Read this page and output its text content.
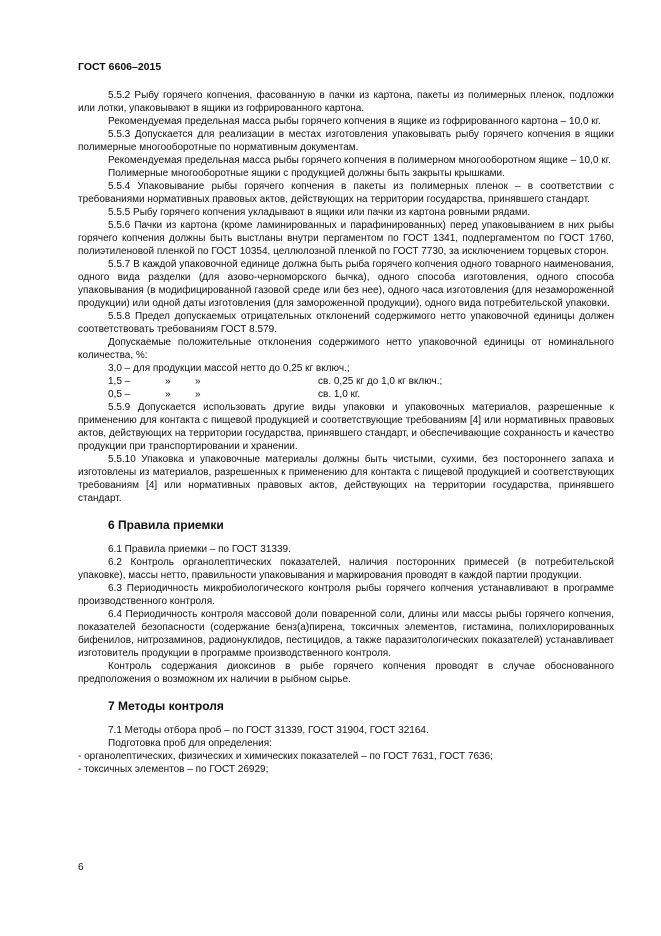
ГОСТ 6606–2015

5.5.2 Рыбу горячего копчения, фасованную в пачки из картона, пакеты из полимерных пленок, подложки или лотки, упаковывают в ящики из гофрированного картона.

Рекомендуемая предельная масса рыбы горячего копчения в ящике из гофрированного картона – 10,0 кг.

5.5.3 Допускается для реализации в местах изготовления упаковывать рыбу горячего копчения в ящики полимерные многооборотные по нормативным документам.

Рекомендуемая предельная масса рыбы горячего копчения в полимерном многооборотном ящике – 10,0 кг.

Полимерные многооборотные ящики с продукцией должны быть закрыты крышками.

5.5.4 Упаковывание рыбы горячего копчения в пакеты из полимерных пленок – в соответствии с требованиями нормативных правовых актов, действующих на территории государства, принявшего стандарт.

5.5.5 Рыбу горячего копчения укладывают в ящики или пачки из картона ровными рядами.

5.5.6 Пачки из картона (кроме ламинированных и парафинированных) перед упаковыванием в них рыбы горячего копчения должны быть выстланы внутри пергаментом по ГОСТ 1341, подпергаментом по ГОСТ 1760, полиэтиленовой пленкой по ГОСТ 10354, целлюлозной пленкой по ГОСТ 7730, за исключением торцевых сторон.

5.5.7 В каждой упаковочной единице должна быть рыба горячего копчения одного товарного наименования, одного вида разделки (для азово-черноморского бычка), одного способа изготовления, одного способа упаковывания (в модифицированной газовой среде или без нее), одного часа изготовления (для незамороженной продукции) или одной даты изготовления (для замороженной продукции), одного вида потребительской упаковки.

5.5.8 Предел допускаемых отрицательных отклонений содержимого нетто упаковочной единицы должен соответствовать требованиям ГОСТ 8.579.

Допускаемые положительные отклонения содержимого нетто упаковочной единицы от номинального количества, %:

3,0 – для продукции массой нетто до 0,25 кг включ.;
1,5 –	»	»	св. 0,25 кг до 1,0 кг включ.;
0,5 –	»	»	св. 1,0 кг.

5.5.9 Допускается использовать другие виды упаковки и упаковочных материалов, разрешенные к применению для контакта с пищевой продукцией и соответствующие требованиям [4] или нормативных правовых актов, действующих на территории государства, принявшего стандарт, и обеспечивающие сохранность и качество продукции при транспортировании и хранении.

5.5.10 Упаковка и упаковочные материалы должны быть чистыми, сухими, без постороннего запаха и изготовлены из материалов, разрешенных к применению для контакта с пищевой продукцией и соответствующих требованиям [4] или нормативных правовых актов, действующих на территории государства, принявшего стандарт.

6 Правила приемки

6.1 Правила приемки – по ГОСТ 31339.

6.2 Контроль органолептических показателей, наличия посторонних примесей (в потребительской упаковке), массы нетто, правильности упаковывания и маркирования проводят в каждой партии продукции.

6.3 Периодичность микробиологического контроля рыбы горячего копчения устанавливают в программе производственного контроля.

6.4 Периодичность контроля массовой доли поваренной соли, длины или массы рыбы горячего копчения, показателей безопасности (содержание бенз(а)пирена, токсичных элементов, гистамина, полихлорированных бифенилов, нитрозаминов, радионуклидов, пестицидов, а также паразитологических показателей) устанавливает изготовитель продукции в программе производственного контроля.

Контроль содержания диоксинов в рыбе горячего копчения проводят в случае обоснованного предположения о возможном их наличии в рыбном сырье.

7 Методы контроля

7.1 Методы отбора проб – по ГОСТ 31339, ГОСТ 31904, ГОСТ 32164.

Подготовка проб для определения:

- органолептических, физических и химических показателей – по ГОСТ 7631, ГОСТ 7636;

- токсичных элементов – по ГОСТ 26929;

6
